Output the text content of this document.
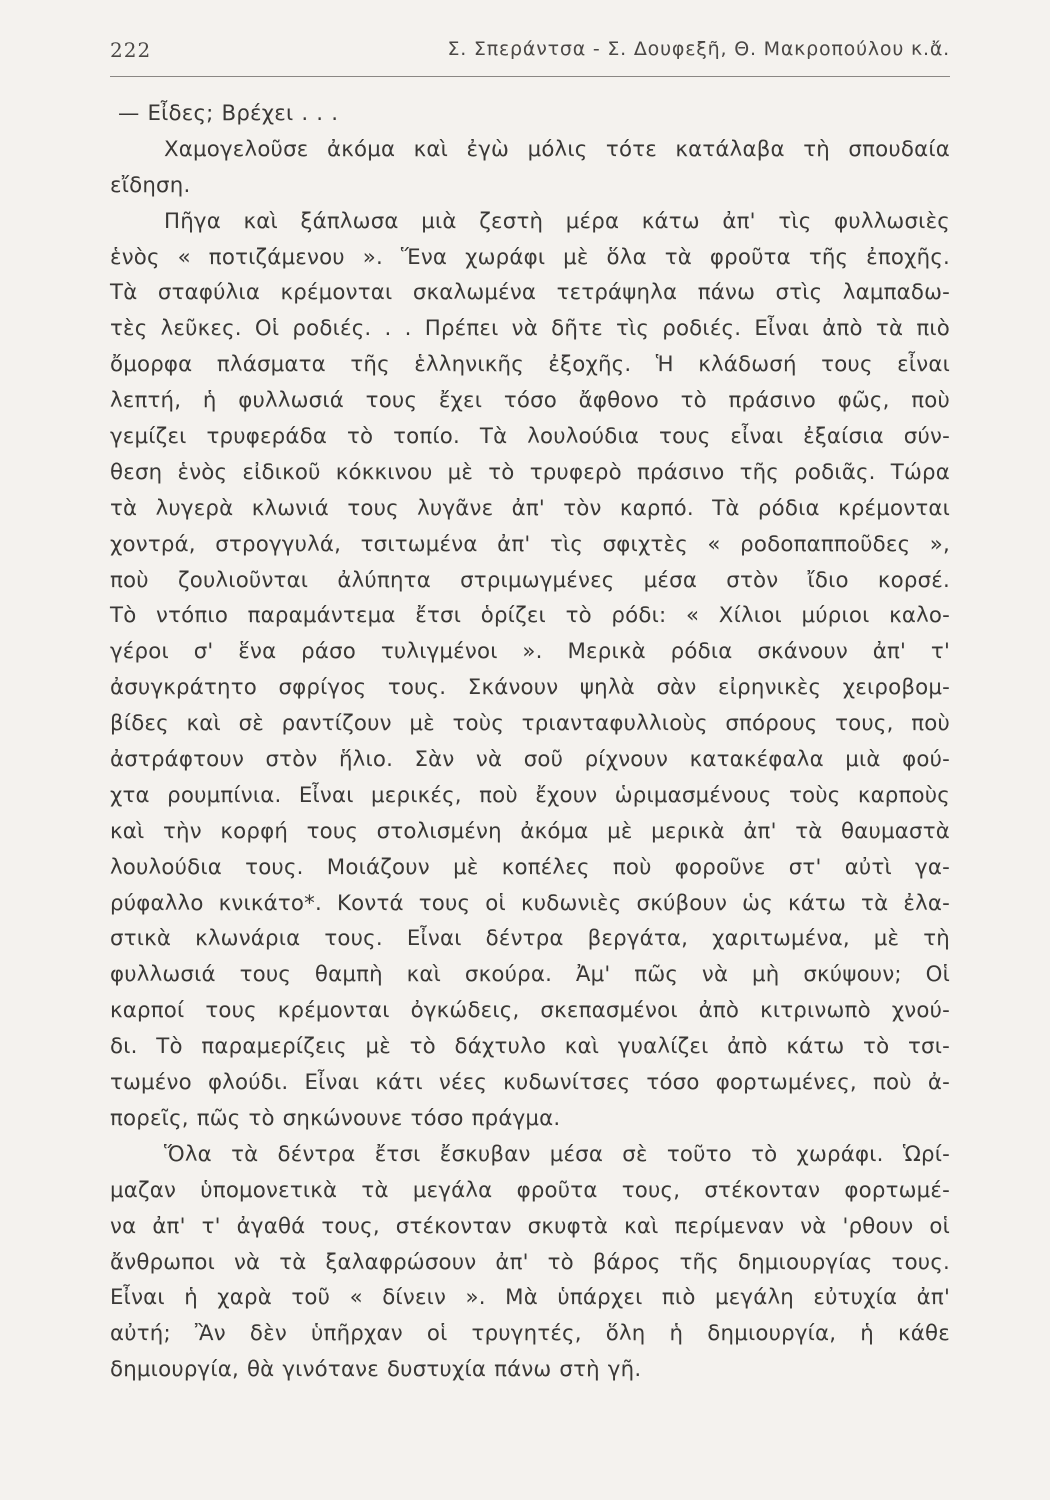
222	Σ. Σπεράντσα - Σ. Δουφεξῆ, Θ. Μακροπούλου κ.ἄ.
— Εἶδες; Βρέχει . . .
Χαμογελοῦσε ἀκόμα καὶ ἐγὼ μόλις τότε κατάλαβα τὴ σπουδαία
εἴδηση.
Πῆγα καὶ ξάπλωσα μιὰ ζεστὴ μέρα κάτω ἀπ' τὶς φυλλωσιὲς
ἑνὸς « ποτιζάμενου ». Ἕνα χωράφι μὲ ὅλα τὰ φροῦτα τῆς ἐποχῆς.
Τὰ σταφύλια κρέμονται σκαλωμένα τετράψηλα πάνω στὶς λαμπαδω-
τὲς λεῦκες. Οἱ ροδιές. . . Πρέπει νὰ δῆτε τὶς ροδιές. Εἶναι ἀπὸ τὰ πιὸ
ὄμορφα πλάσματα τῆς ἑλληνικῆς ἐξοχῆς. Ἡ κλάδωσή τους εἶναι
λεπτή, ἡ φυλλωσιά τους ἔχει τόσο ἄφθονο τὸ πράσινο φῶς, ποὺ
γεμίζει τρυφεράδα τὸ τοπίο. Τὰ λουλούδια τους εἶναι ἐξαίσια σύν-
θεση ἑνὸς εἰδικοῦ κόκκινου μὲ τὸ τρυφερὸ πράσινο τῆς ροδιᾶς. Τώρα
τὰ λυγερὰ κλωνιά τους λυγᾶνε ἀπ' τὸν καρπό. Τὰ ρόδια κρέμονται
χοντρά, στρογγυλά, τσιτωμένα ἀπ' τὶς σφιχτὲς « ροδοπαπποῦδες »,
ποὺ ζουλιοῦνται ἀλύπητα στριμωγμένες μέσα στὸν ἴδιο κορσέ.
Τὸ ντόπιο παραμάντεμα ἔτσι ὁρίζει τὸ ρόδι: « Χίλιοι μύριοι καλο-
γέροι σ' ἕνα ράσο τυλιγμένοι ». Μερικὰ ρόδια σκάνουν ἀπ' τ'
ἀσυγκράτητο σφρίγος τους. Σκάνουν ψηλὰ σὰν εἰρηνικὲς χειροβομ-
βίδες καὶ σὲ ραντίζουν μὲ τοὺς τριανταφυλλιοὺς σπόρους τους, ποὺ
ἀστράφτουν στὸν ἥλιο. Σὰν νὰ σοῦ ρίχνουν κατακέφαλα μιὰ φού-
χτα ρουμπίνια. Εἶναι μερικές, ποὺ ἔχουν ὡριμασμένους τοὺς καρποὺς
καὶ τὴν κορφή τους στολισμένη ἀκόμα μὲ μερικὰ ἀπ' τὰ θαυμαστὰ
λουλούδια τους. Μοιάζουν μὲ κοπέλες ποὺ φοροῦνε στ' αὐτὶ γα-
ρύφαλλο κνικάτο*. Κοντά τους οἱ κυδωνιὲς σκύβουν ὡς κάτω τὰ ἐλα-
στικὰ κλωνάρια τους. Εἶναι δέντρα βεργάτα, χαριτωμένα, μὲ τὴ
φυλλωσιά τους θαμπὴ καὶ σκούρα. Ἀμ' πῶς νὰ μὴ σκύψουν; Οἱ
καρποί τους κρέμονται ὀγκώδεις, σκεπασμένοι ἀπὸ κιτρινωπὸ χνού-
δι. Τὸ παραμερίζεις μὲ τὸ δάχτυλο καὶ γυαλίζει ἀπὸ κάτω τὸ τσι-
τωμένο φλούδι. Εἶναι κάτι νέες κυδωνίτσες τόσο φορτωμένες, ποὺ ἀ-
πορεῖς, πῶς τὸ σηκώνουνε τόσο πράγμα.
Ὅλα τὰ δέντρα ἔτσι ἔσκυβαν μέσα σὲ τοῦτο τὸ χωράφι. Ὡρί-
μαζαν ὑπομονετικὰ τὰ μεγάλα φροῦτα τους, στέκονταν φορτωμέ-
να ἀπ' τ' ἀγαθά τους, στέκονταν σκυφτὰ καὶ περίμεναν νὰ 'ρθουν οἱ
ἄνθρωποι νὰ τὰ ξαλαφρώσουν ἀπ' τὸ βάρος τῆς δημιουργίας τους.
Εἶναι ἡ χαρὰ τοῦ « δίνειν ». Μὰ ὑπάρχει πιὸ μεγάλη εὐτυχία ἀπ'
αὐτή; Ἂν δὲν ὑπῆρχαν οἱ τρυγητές, ὅλη ἡ δημιουργία, ἡ κάθε
δημιουργία, θὰ γινότανε δυστυχία πάνω στὴ γῆ.
